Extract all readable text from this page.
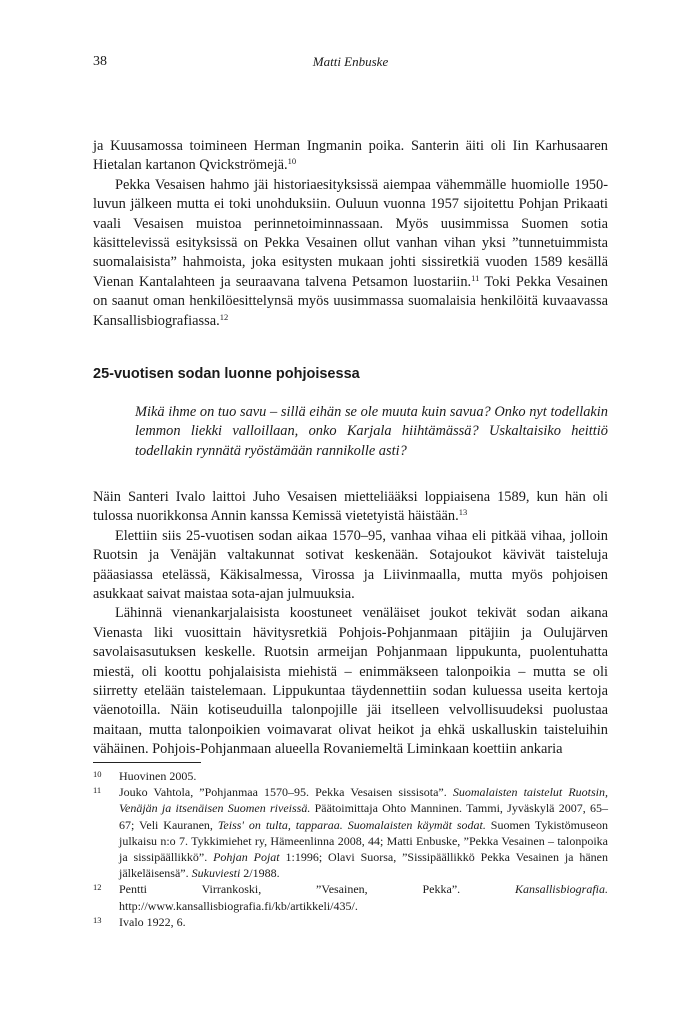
38	Matti Enbuske

ja Kuusamossa toimineen Herman Ingmanin poika. Santerin äiti oli Iin Karhusaaren Hietalan kartanon Qvickströmejä.$^{10}$

Pekka Vesaisen hahmo jäi historiaesityksissä aiempaa vähemmälle huomiolle 1950-luvun jälkeen mutta ei toki unohduksiin. Ouluun vuonna 1957 sijoitettu Pohjan Prikaati vaali Vesaisen muistoa perinnetoiminnassaan. Myös uusimmissa Suomen sotia käsittelevissä esityksissä on Pekka Vesainen ollut vanhan vihan yksi ”tunnetuimmista suomalaisista” hahmoista, joka esitysten mukaan johti sissiretkiä vuoden 1589 kesällä Vienan Kantalahteen ja seuraavana talvena Petsamon luostariin.$^{11}$ Toki Pekka Vesainen on saanut oman henkilöesittelynsä myös uusimmassa suomalaisia henkilöitä kuvaavassa Kansallisbiografiassa.$^{12}$

25-vuotisen sodan luonne pohjoisessa

Mikä ihme on tuo savu – sillä eihän se ole muuta kuin savua? Onko nyt todellakin lemmon liekki valloillaan, onko Karjala hiihtämässä? Uskaltaisiko heittiö todellakin rynnätä ryöstämään rannikolle asti?

Näin Santeri Ivalo laittoi Juho Vesaisen mietteliääksi loppiaisena 1589, kun hän oli tulossa nuorikkonsa Annin kanssa Kemissä vietetyistä häistään.$^{13}$

Elettiin siis 25-vuotisen sodan aikaa 1570–95, vanhaa vihaa eli pitkää vihaa, jolloin Ruotsin ja Venäjän valtakunnat sotivat keskenään. Sotajoukot kävivät taisteluja pääasiassa etelässä, Käkisalmessa, Virossa ja Liivinmaalla, mutta myös pohjoisen asukkaat saivat maistaa sota-ajan julmuuksia.

Lähinnä vienankarjalaisista koostuneet venäläiset joukot tekivät sodan aikana Vienasta liki vuosittain hävitysretkiä Pohjois-Pohjanmaan pitäjiin ja Oulujärven savolaisasutuksen keskelle. Ruotsin armeijan Pohjanmaan lippukunta, puolentuhatta miestä, oli koottu pohjalaisista miehistä – enimmäkseen talonpoikia – mutta se oli siirretty etelään taistelemaan. Lippukuntaa täydennettiin sodan kuluessa useita kertoja väenotoilla. Näin kotiseuduilla talonpojille jäi itselleen velvollisuudeksi puolustaa maitaan, mutta talonpoikien voimavarat olivat heikot ja ehkä uskalluskin taisteluihin vähäinen. Pohjois-Pohjanmaan alueella Rovaniemeltä Liminkaan koettiin ankaria

10 Huovinen 2005.
11 Jouko Vahtola, ”Pohjanmaa 1570–95. Pekka Vesaisen sissisota”. Suomalaisten taistelut Ruotsin, Venäjän ja itsenäisen Suomen riveissä. Päätoimittaja Ohto Manninen. Tammi, Jyväskylä 2007, 65–67; Veli Kauranen, Teiss' on tulta, tapparaa. Suomalaisten käymät sodat. Suomen Tykistömuseon julkaisu n:o 7. Tykkimiehet ry, Hämeenlinna 2008, 44; Matti Enbuske, ”Pekka Vesainen – talonpoika ja sissipäällikkö”. Pohjan Pojat 1:1996; Olavi Suorsa, ”Sissipäällikkö Pekka Vesainen ja hänen jälkeläisensä”. Sukuviesti 2/1988.
12 Pentti Virrankoski, ”Vesainen, Pekka”. Kansallisbiografia. http://www.kansallisbiografia.fi/kb/artikkeli/435/.
13 Ivalo 1922, 6.
